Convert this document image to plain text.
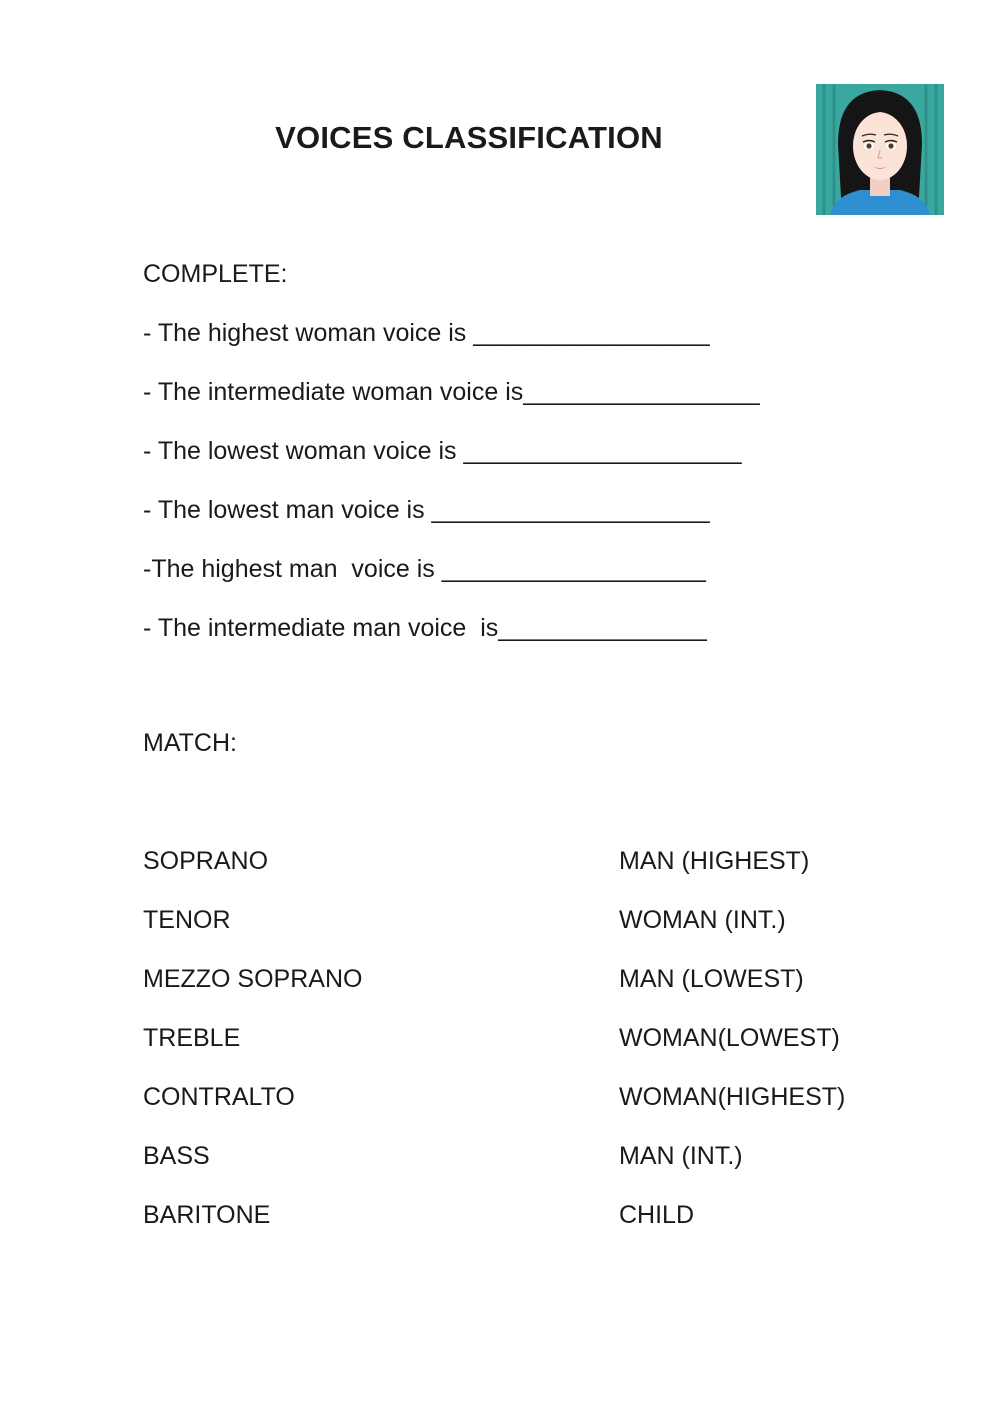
VOICES CLASSIFICATION
COMPLETE:
- The highest woman voice is _________________
- The intermediate woman voice is_________________
- The lowest woman voice is ____________________
- The lowest man voice is ____________________
-The highest man  voice is ___________________
- The intermediate man voice  is_______________
MATCH:
SOPRANO
TENOR
MEZZO SOPRANO
TREBLE
CONTRALTO
BASS
BARITONE
MAN (HIGHEST)
WOMAN (INT.)
MAN (LOWEST)
WOMAN(LOWEST)
WOMAN(HIGHEST)
MAN (INT.)
CHILD
